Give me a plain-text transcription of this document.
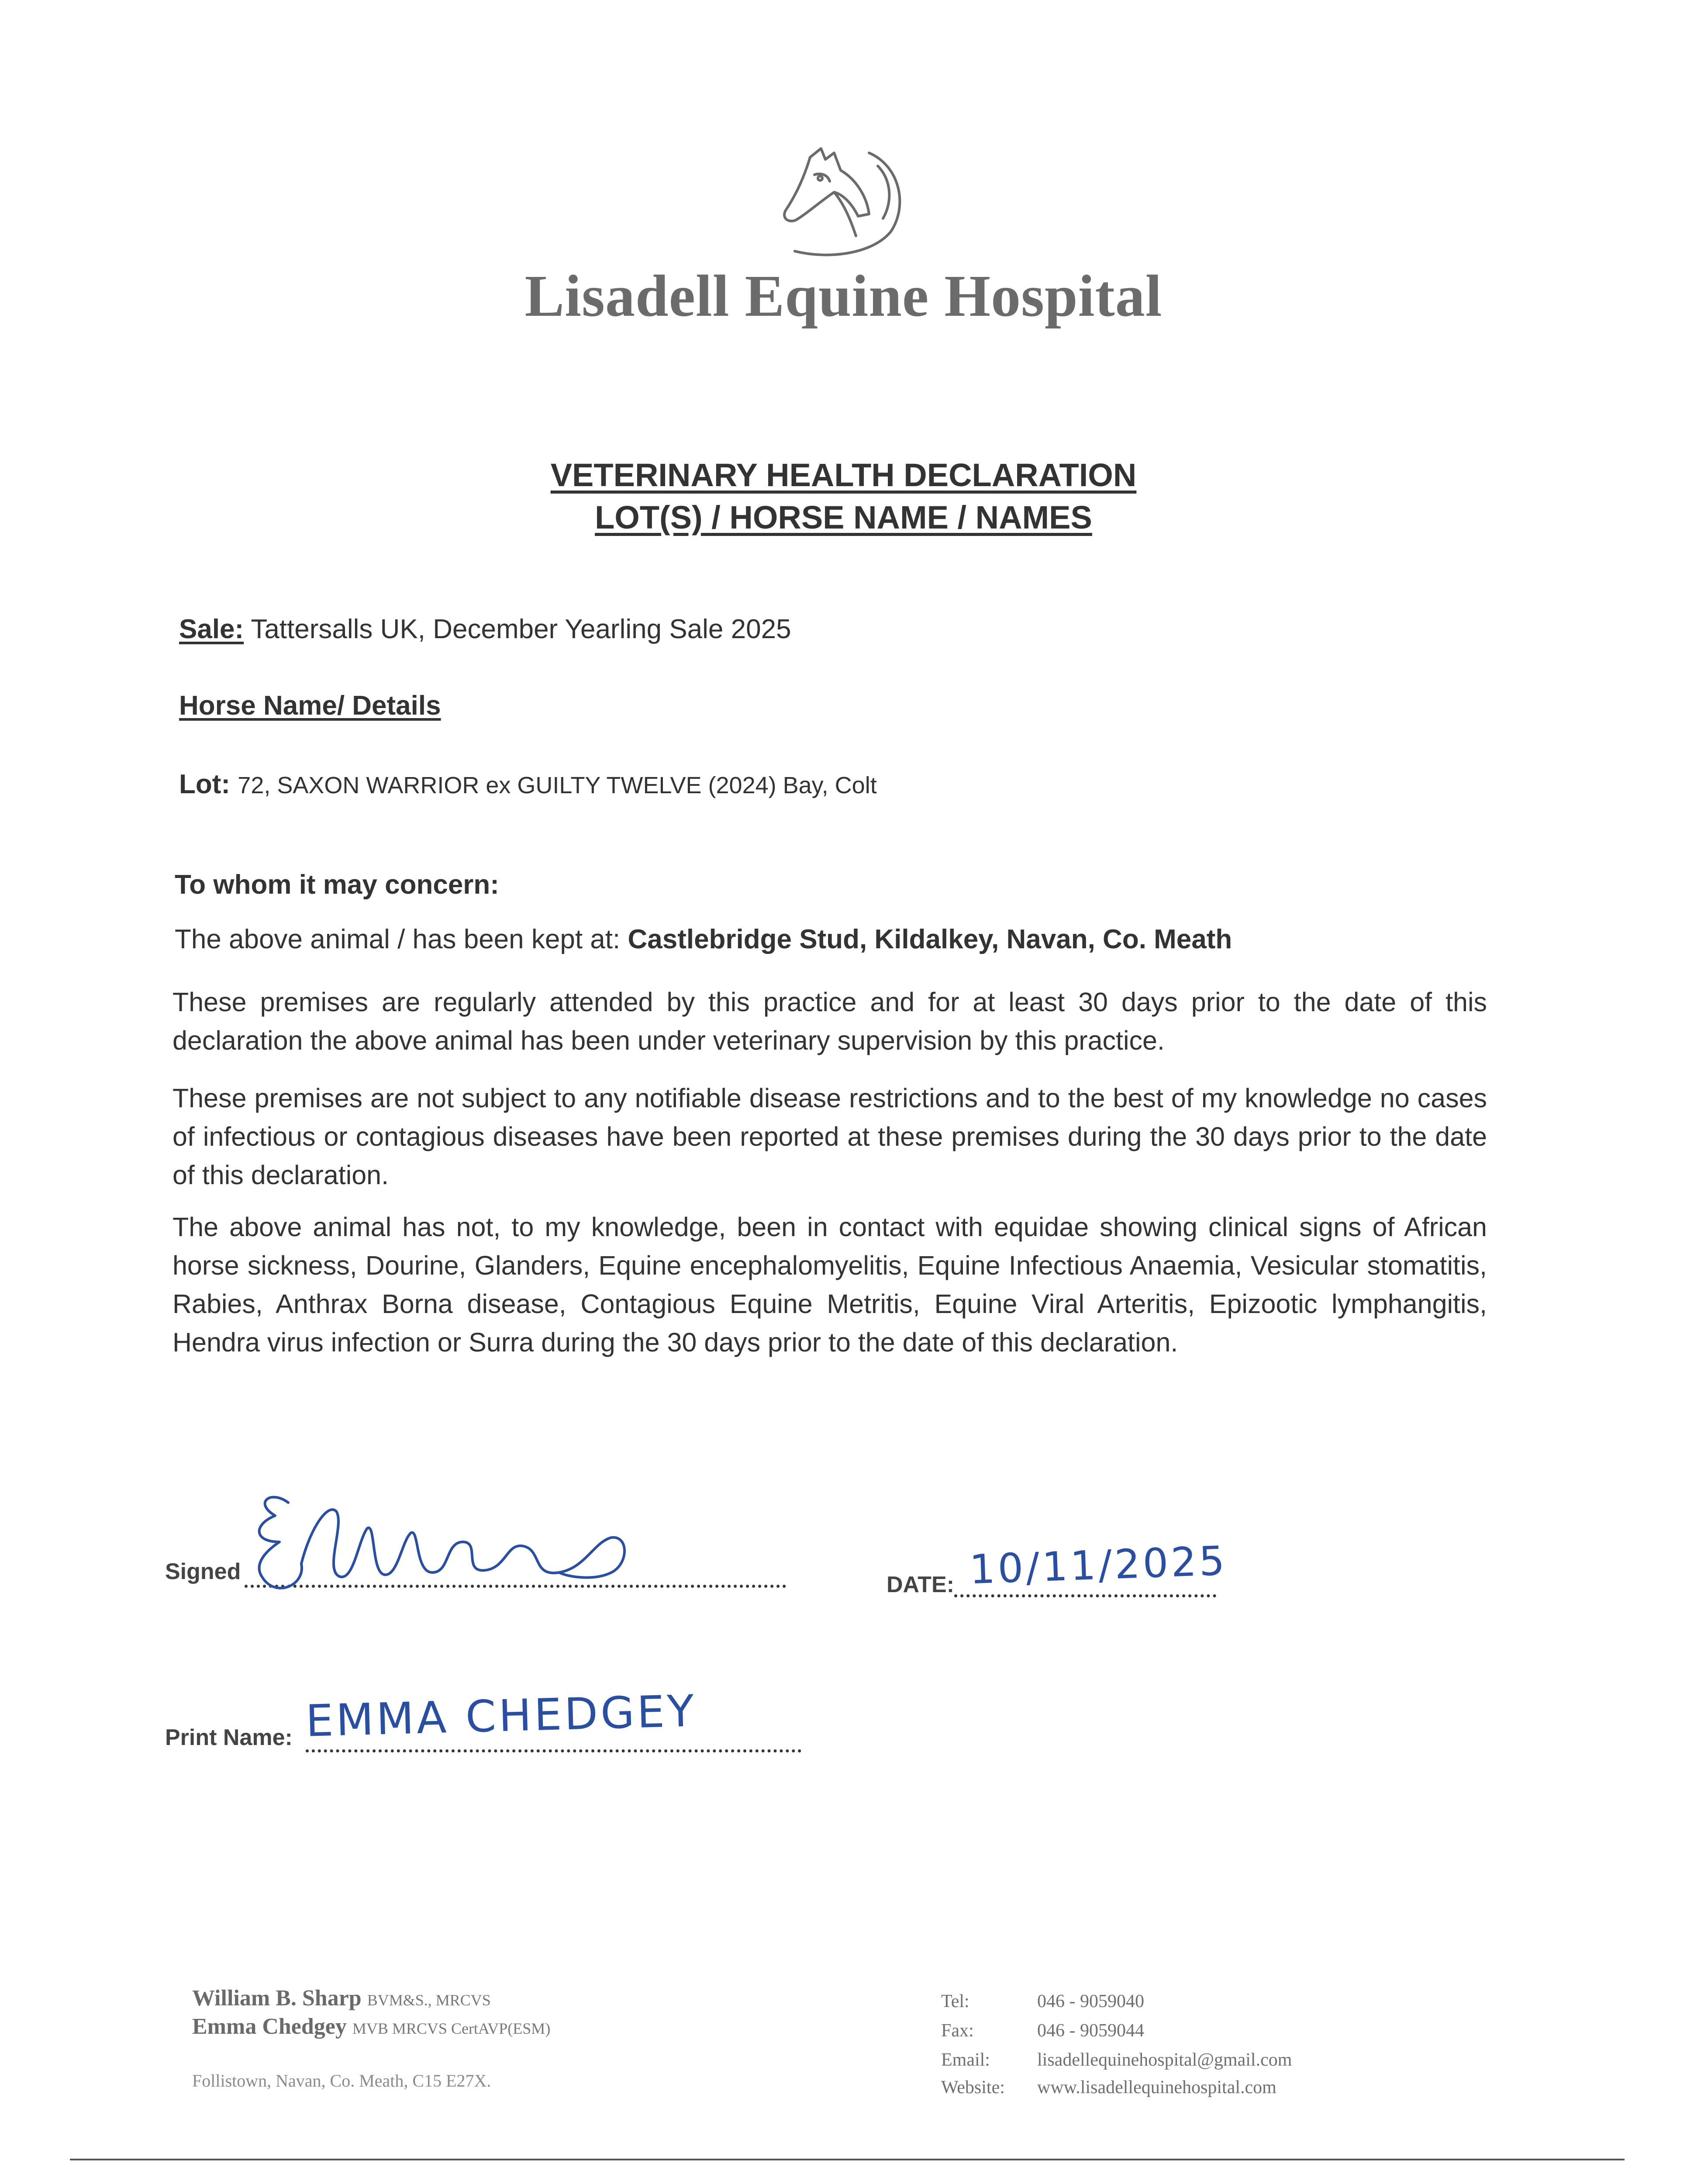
Lisadell Equine Hospital
VETERINARY HEALTH DECLARATION
LOT(S) / HORSE NAME / NAMES
Sale: Tattersalls UK, December Yearling Sale 2025
Horse Name/ Details
Lot: 72, SAXON WARRIOR ex GUILTY TWELVE (2024) Bay, Colt
To whom it may concern:
The above animal / has been kept at: Castlebridge Stud, Kildalkey, Navan, Co. Meath
These premises are regularly attended by this practice and for at least 30 days prior to the date of this declaration the above animal has been under veterinary supervision by this practice.
These premises are not subject to any notifiable disease restrictions and to the best of my knowledge no cases of infectious or contagious diseases have been reported at these premises during the 30 days prior to the date of this declaration.
The above animal has not, to my knowledge, been in contact with equidae showing clinical signs of African horse sickness, Dourine, Glanders, Equine encephalomyelitis, Equine Infectious Anaemia, Vesicular stomatitis, Rabies, Anthrax Borna disease, Contagious Equine Metritis, Equine Viral Arteritis, Epizootic lymphangitis, Hendra virus infection or Surra during the 30 days prior to the date of this declaration.
Signed
DATE: 10/11/2025
Print Name: EMMA CHEDGEY
William B. Sharp BVM&S., MRCVS
Emma Chedgey MVB MRCVS CertAVP(ESM)
Follistown, Navan, Co. Meath, C15 E27X.
Tel:	046 - 9059040
Fax:	046 - 9059044
Email:	lisadellequinehospital@gmail.com
Website: www.lisadellequinehospital.com
